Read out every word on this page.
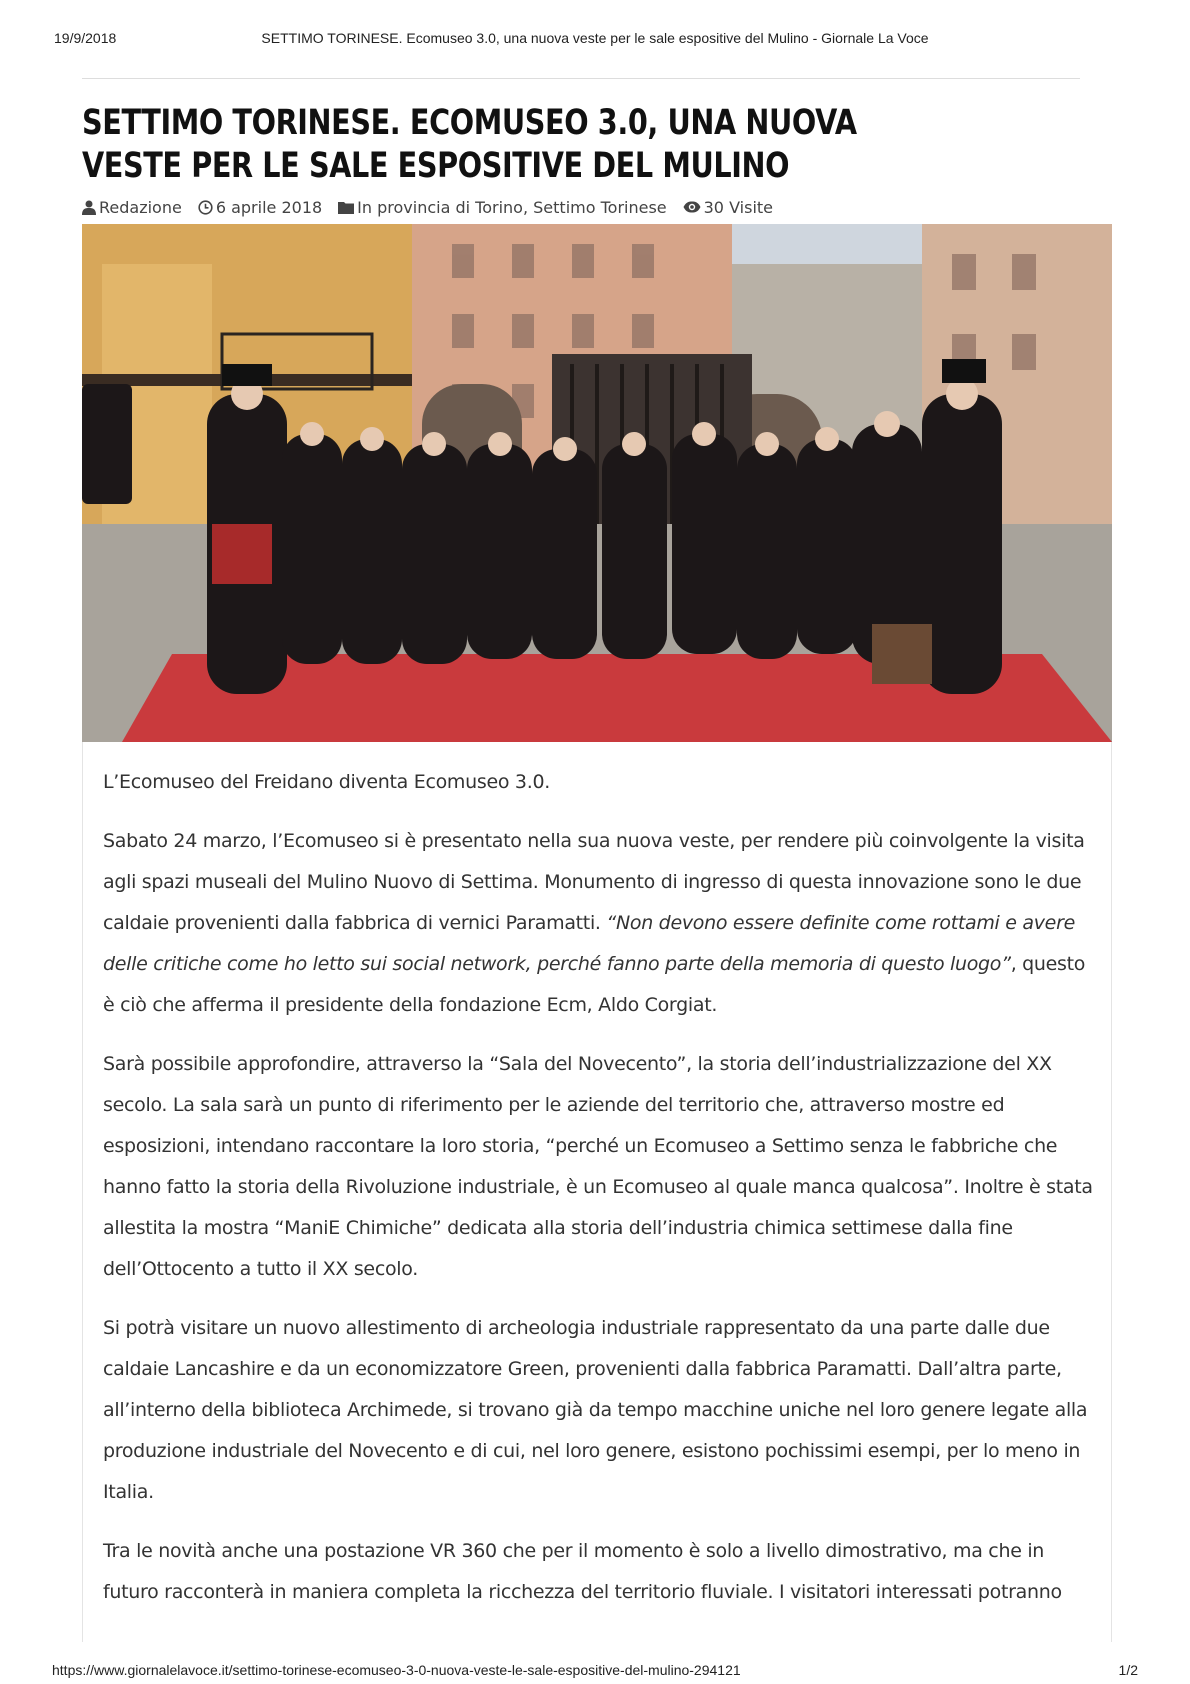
19/9/2018	SETTIMO TORINESE. Ecomuseo 3.0, una nuova veste per le sale espositive del Mulino - Giornale La Voce
SETTIMO TORINESE. ECOMUSEO 3.0, UNA NUOVA VESTE PER LE SALE ESPOSITIVE DEL MULINO
Redazione 6 aprile 2018 In provincia di Torino , Settimo Torinese 30 Visite

L’Ecomuseo del Freidano diventa Ecomuseo 3.0.

Sabato 24 marzo, l’Ecomuseo si è presentato nella sua nuova veste, per rendere più coinvolgente la visita agli spazi museali del Mulino Nuovo di Settima. Monumento di ingresso di questa innovazione sono le due caldaie provenienti dalla fabbrica di vernici Paramatti. “Non devono essere definite come rottami e avere delle critiche come ho letto sui social network, perché fanno parte della memoria di questo luogo”, questo è ciò che afferma il presidente della fondazione Ecm, Aldo Corgiat.

Sarà possibile approfondire, attraverso la “Sala del Novecento”, la storia dell’industrializzazione del XX secolo. La sala sarà un punto di riferimento per le aziende del territorio che, attraverso mostre ed esposizioni, intendano raccontare la loro storia, “perché un Ecomuseo a Settimo senza le fabbriche che hanno fatto la storia della Rivoluzione industriale, è un Ecomuseo al quale manca qualcosa”. Inoltre è stata allestita la mostra “ManiE Chimiche” dedicata alla storia dell’industria chimica settimese dalla fine dell’Ottocento a tutto il XX secolo.

Si potrà visitare un nuovo allestimento di archeologia industriale rappresentato da una parte dalle due caldaie Lancashire e da un economizzatore Green, provenienti dalla fabbrica Paramatti. Dall’altra parte, all’interno della biblioteca Archimede, si trovano già da tempo macchine uniche nel loro genere legate alla produzione industriale del Novecento e di cui, nel loro genere, esistono pochissimi esempi, per lo meno in Italia.

Tra le novità anche una postazione VR 360 che per il momento è solo a livello dimostrativo, ma che in futuro racconterà in maniera completa la ricchezza del territorio fluviale. I visitatori interessati potranno

https://www.giornalelavoce.it/settimo-torinese-ecomuseo-3-0-nuova-veste-le-sale-espositive-del-mulino-294121	1/2
